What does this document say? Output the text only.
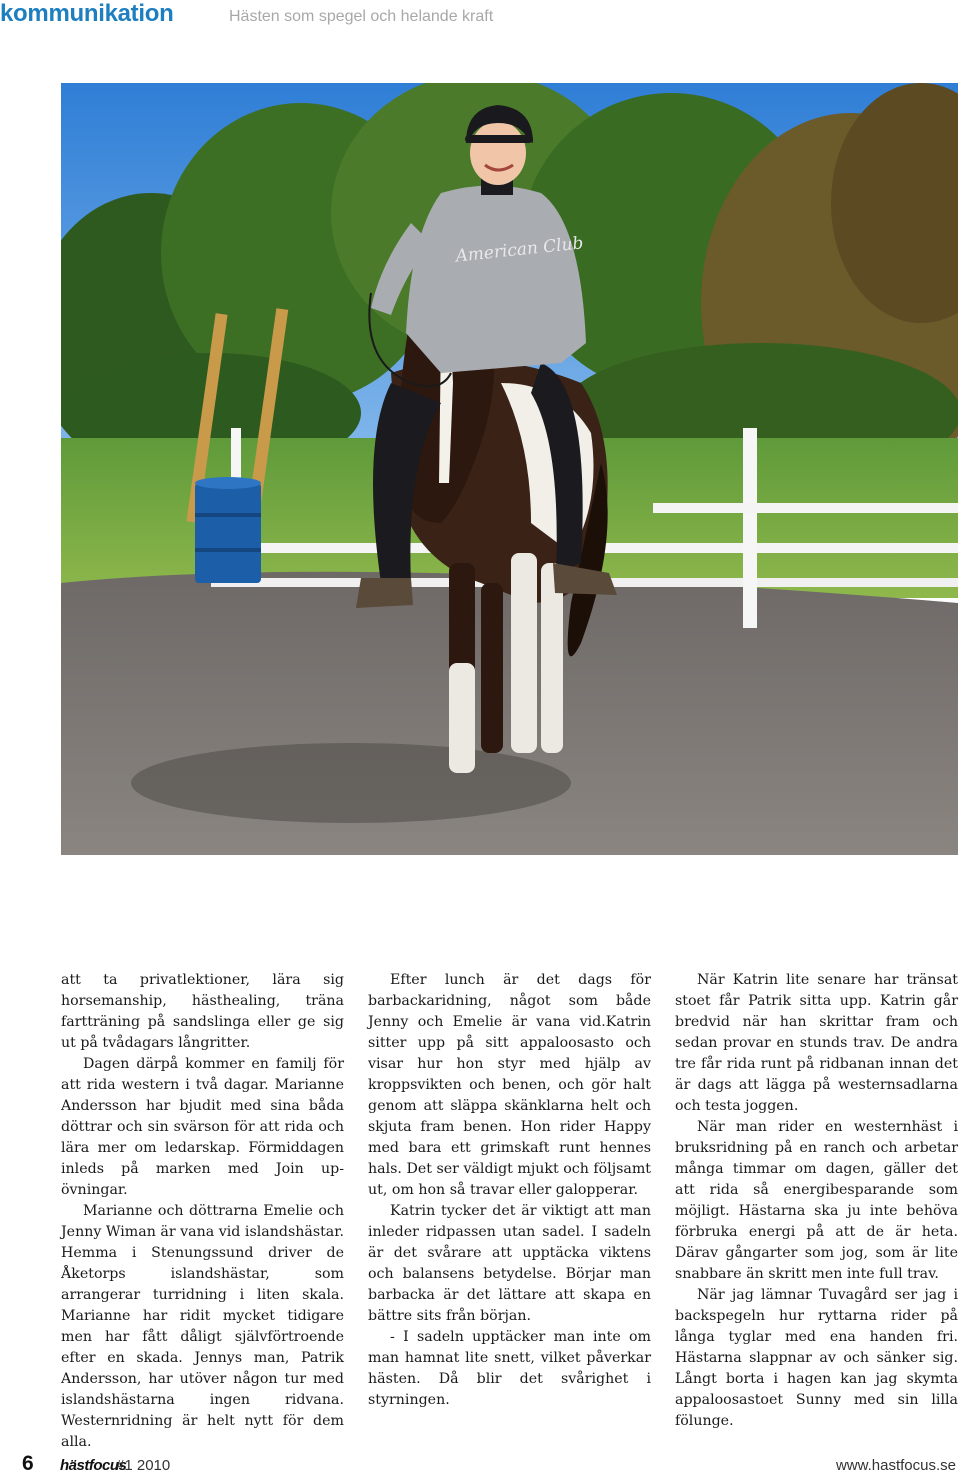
kommunikation	Hästen som spegel och helande kraft
American Club

att ta privatlektioner, lära sig horsemanship, hästhealing, träna fartträning på sandslinga eller ge sig ut på tvådagars långritter.

Dagen därpå kommer en familj för att rida western i två dagar. Marianne Andersson har bjudit med sina båda döttrar och sin svärson för att rida och lära mer om ledarskap. Förmiddagen inleds på marken med Join up-övningar.

Marianne och döttrarna Emelie och Jenny Wiman är vana vid islandshästar. Hemma i Stenungssund driver de Åketorps islandshästar, som arrangerar turridning i liten skala. Marianne har ridit mycket tidigare men har fått dåligt självförtroende efter en skada. Jennys man, Patrik Andersson, har utöver någon tur med islandshästarna ingen ridvana. Westernridning är helt nytt för dem alla.

Efter lunch är det dags för barbackaridning, något som både Jenny och Emelie är vana vid.Katrin sitter upp på sitt appaloosasto och visar hur hon styr med hjälp av kroppsvikten och benen, och gör halt genom att släppa skänklarna helt och skjuta fram benen. Hon rider Happy med bara ett grimskaft runt hennes hals. Det ser väldigt mjukt och följsamt ut, om hon så travar eller galopperar.

Katrin tycker det är viktigt att man inleder ridpassen utan sadel. I sadeln är det svårare att upptäcka viktens och balansens betydelse. Börjar man barbacka är det lättare att skapa en bättre sits från början.

- I sadeln upptäcker man inte om man hamnat lite snett, vilket påverkar hästen. Då blir det svårighet i styrningen.

När Katrin lite senare har tränsat stoet får Patrik sitta upp. Katrin går bredvid när han skrittar fram och sedan provar en stunds trav. De andra tre får rida runt på ridbanan innan det är dags att lägga på westernsadlarna och testa joggen.

När man rider en westernhäst i bruksridning på en ranch och arbetar många timmar om dagen, gäller det att rida så energibesparande som möjligt. Hästarna ska ju inte behöva förbruka energi på att de är heta. Därav gångarter som jog, som är lite snabbare än skritt men inte full trav.

När jag lämnar Tuvagård ser jag i backspegeln hur ryttarna rider på långa tyglar med ena handen fri. Hästarna slappnar av och sänker sig. Långt borta i hagen kan jag skymta appaloosastoet Sunny med sin lilla fölunge.

6 hästfocus
#1 2010	www.hastfocus.se
